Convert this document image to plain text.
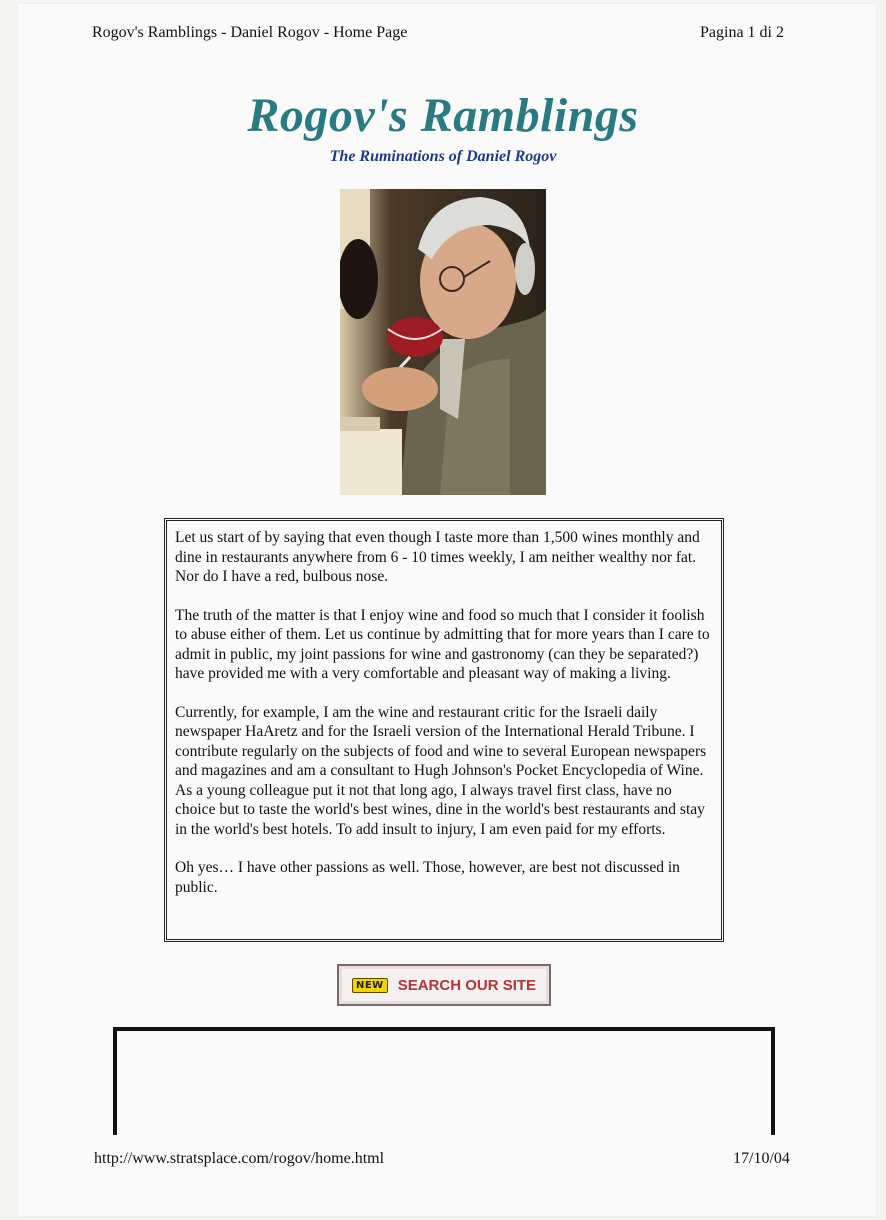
Rogov's Ramblings - Daniel Rogov - Home Page	Pagina 1 di 2
Rogov's Ramblings
The Ruminations of Daniel Rogov

Let us start of by saying that even though I taste more than 1,500 wines monthly and dine in restaurants anywhere from 6 - 10 times weekly, I am neither wealthy nor fat. Nor do I have a red, bulbous nose.

The truth of the matter is that I enjoy wine and food so much that I consider it foolish to abuse either of them. Let us continue by admitting that for more years than I care to admit in public, my joint passions for wine and gastronomy (can they be separated?) have provided me with a very comfortable and pleasant way of making a living.

Currently, for example, I am the wine and restaurant critic for the Israeli daily newspaper HaAretz and for the Israeli version of the International Herald Tribune. I contribute regularly on the subjects of food and wine to several European newspapers and magazines and am a consultant to Hugh Johnson's Pocket Encyclopedia of Wine. As a young colleague put it not that long ago, I always travel first class, have no choice but to taste the world's best wines, dine in the world's best restaurants and stay in the world's best hotels. To add insult to injury, I am even paid for my efforts.

Oh yes… I have other passions as well. Those, however, are best not discussed in public.

NEW SEARCH OUR SITE
http://www.stratsplace.com/rogov/home.html	17/10/04
